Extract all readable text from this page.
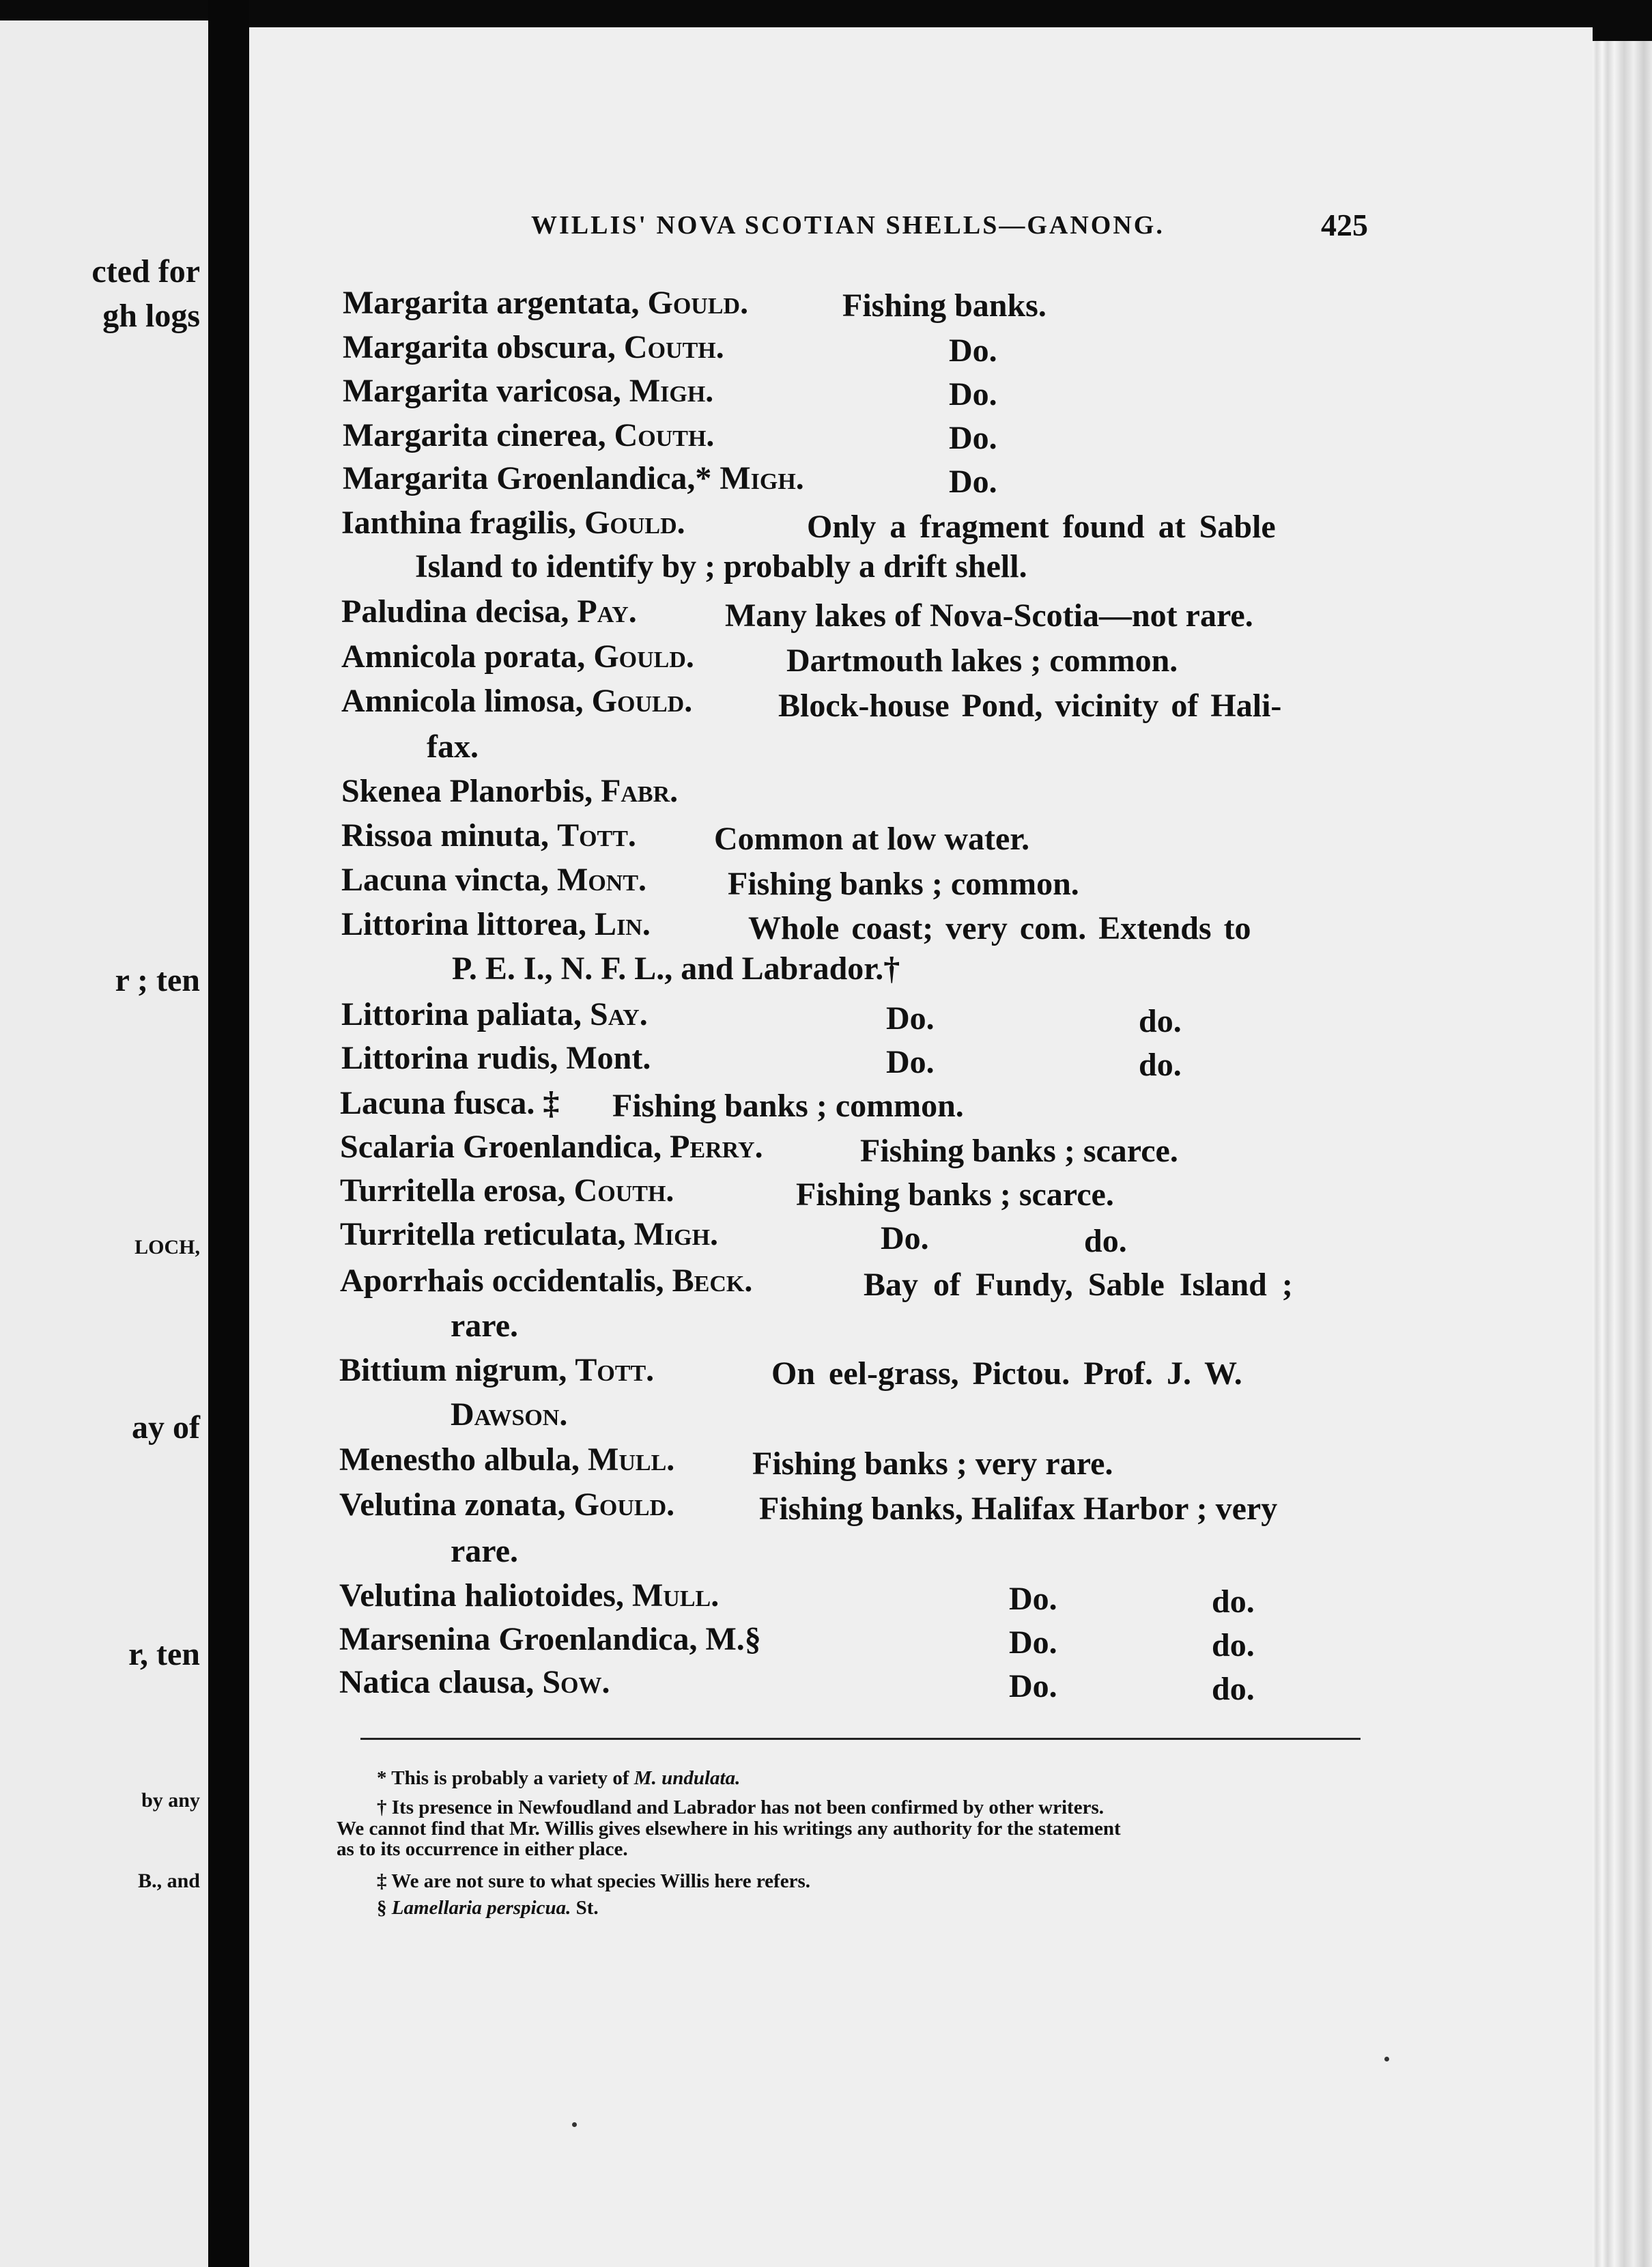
cted for
gh logs
r ; ten
LOCH,
ay of
r, ten
by any
B., and
WILLIS' NOVA SCOTIAN SHELLS—GANONG.	425
Margarita argentata, Gould.	Fishing banks.
Margarita obscura, Couth.	Do.
Margarita varicosa, Migh.	Do.
Margarita cinerea, Couth.	Do.
Margarita Groenlandica,* Migh.	Do.
Ianthina fragilis, Gould.	Only a fragment found at Sable
Island to identify by ; probably a drift shell.
Paludina decisa, Pay.	Many lakes of Nova-Scotia—not rare.
Amnicola porata, Gould.	Dartmouth lakes ; common.
Amnicola limosa, Gould.	Block-house Pond, vicinity of Hali-
fax.
Skenea Planorbis, Fabr.
Rissoa minuta, Tott. Common at low water.
Lacuna vincta, Mont. Fishing banks ; common.
Littorina littorea, Lin.	Whole coast; very com. Extends to
P. E. I., N. F. L., and Labrador.†
Littorina paliata, Say.	Do.	do.
Littorina rudis, Mont.	Do.	do.
Lacuna fusca. ‡ Fishing banks ; common.
Scalaria Groenlandica, Perry.	Fishing banks ; scarce.
Turritella erosa, Couth.	Fishing banks ; scarce.
Turritella reticulata, Migh.	Do.	do.
Aporrhais occidentalis, Beck.	Bay of Fundy, Sable Island ;
rare.
Bittium nigrum, Tott.	On eel-grass, Pictou. Prof. J. W.
Dawson.
Menestho albula, Mull. Fishing banks ; very rare.
Velutina zonata, Gould.	Fishing banks, Halifax Harbor ; very
rare.
Velutina haliotoides, Mull.	Do.	do.
Marsenina Groenlandica, M.§	Do.	do.
Natica clausa, Sow.	Do.	do.
* This is probably a variety of M. undulata.
† Its presence in Newfoudland and Labrador has not been confirmed by other writers.
We cannot find that Mr. Willis gives elsewhere in his writings any authority for the statement
as to its occurrence in either place.
‡ We are not sure to what species Willis here refers.
§ Lamellaria perspicua. St.
